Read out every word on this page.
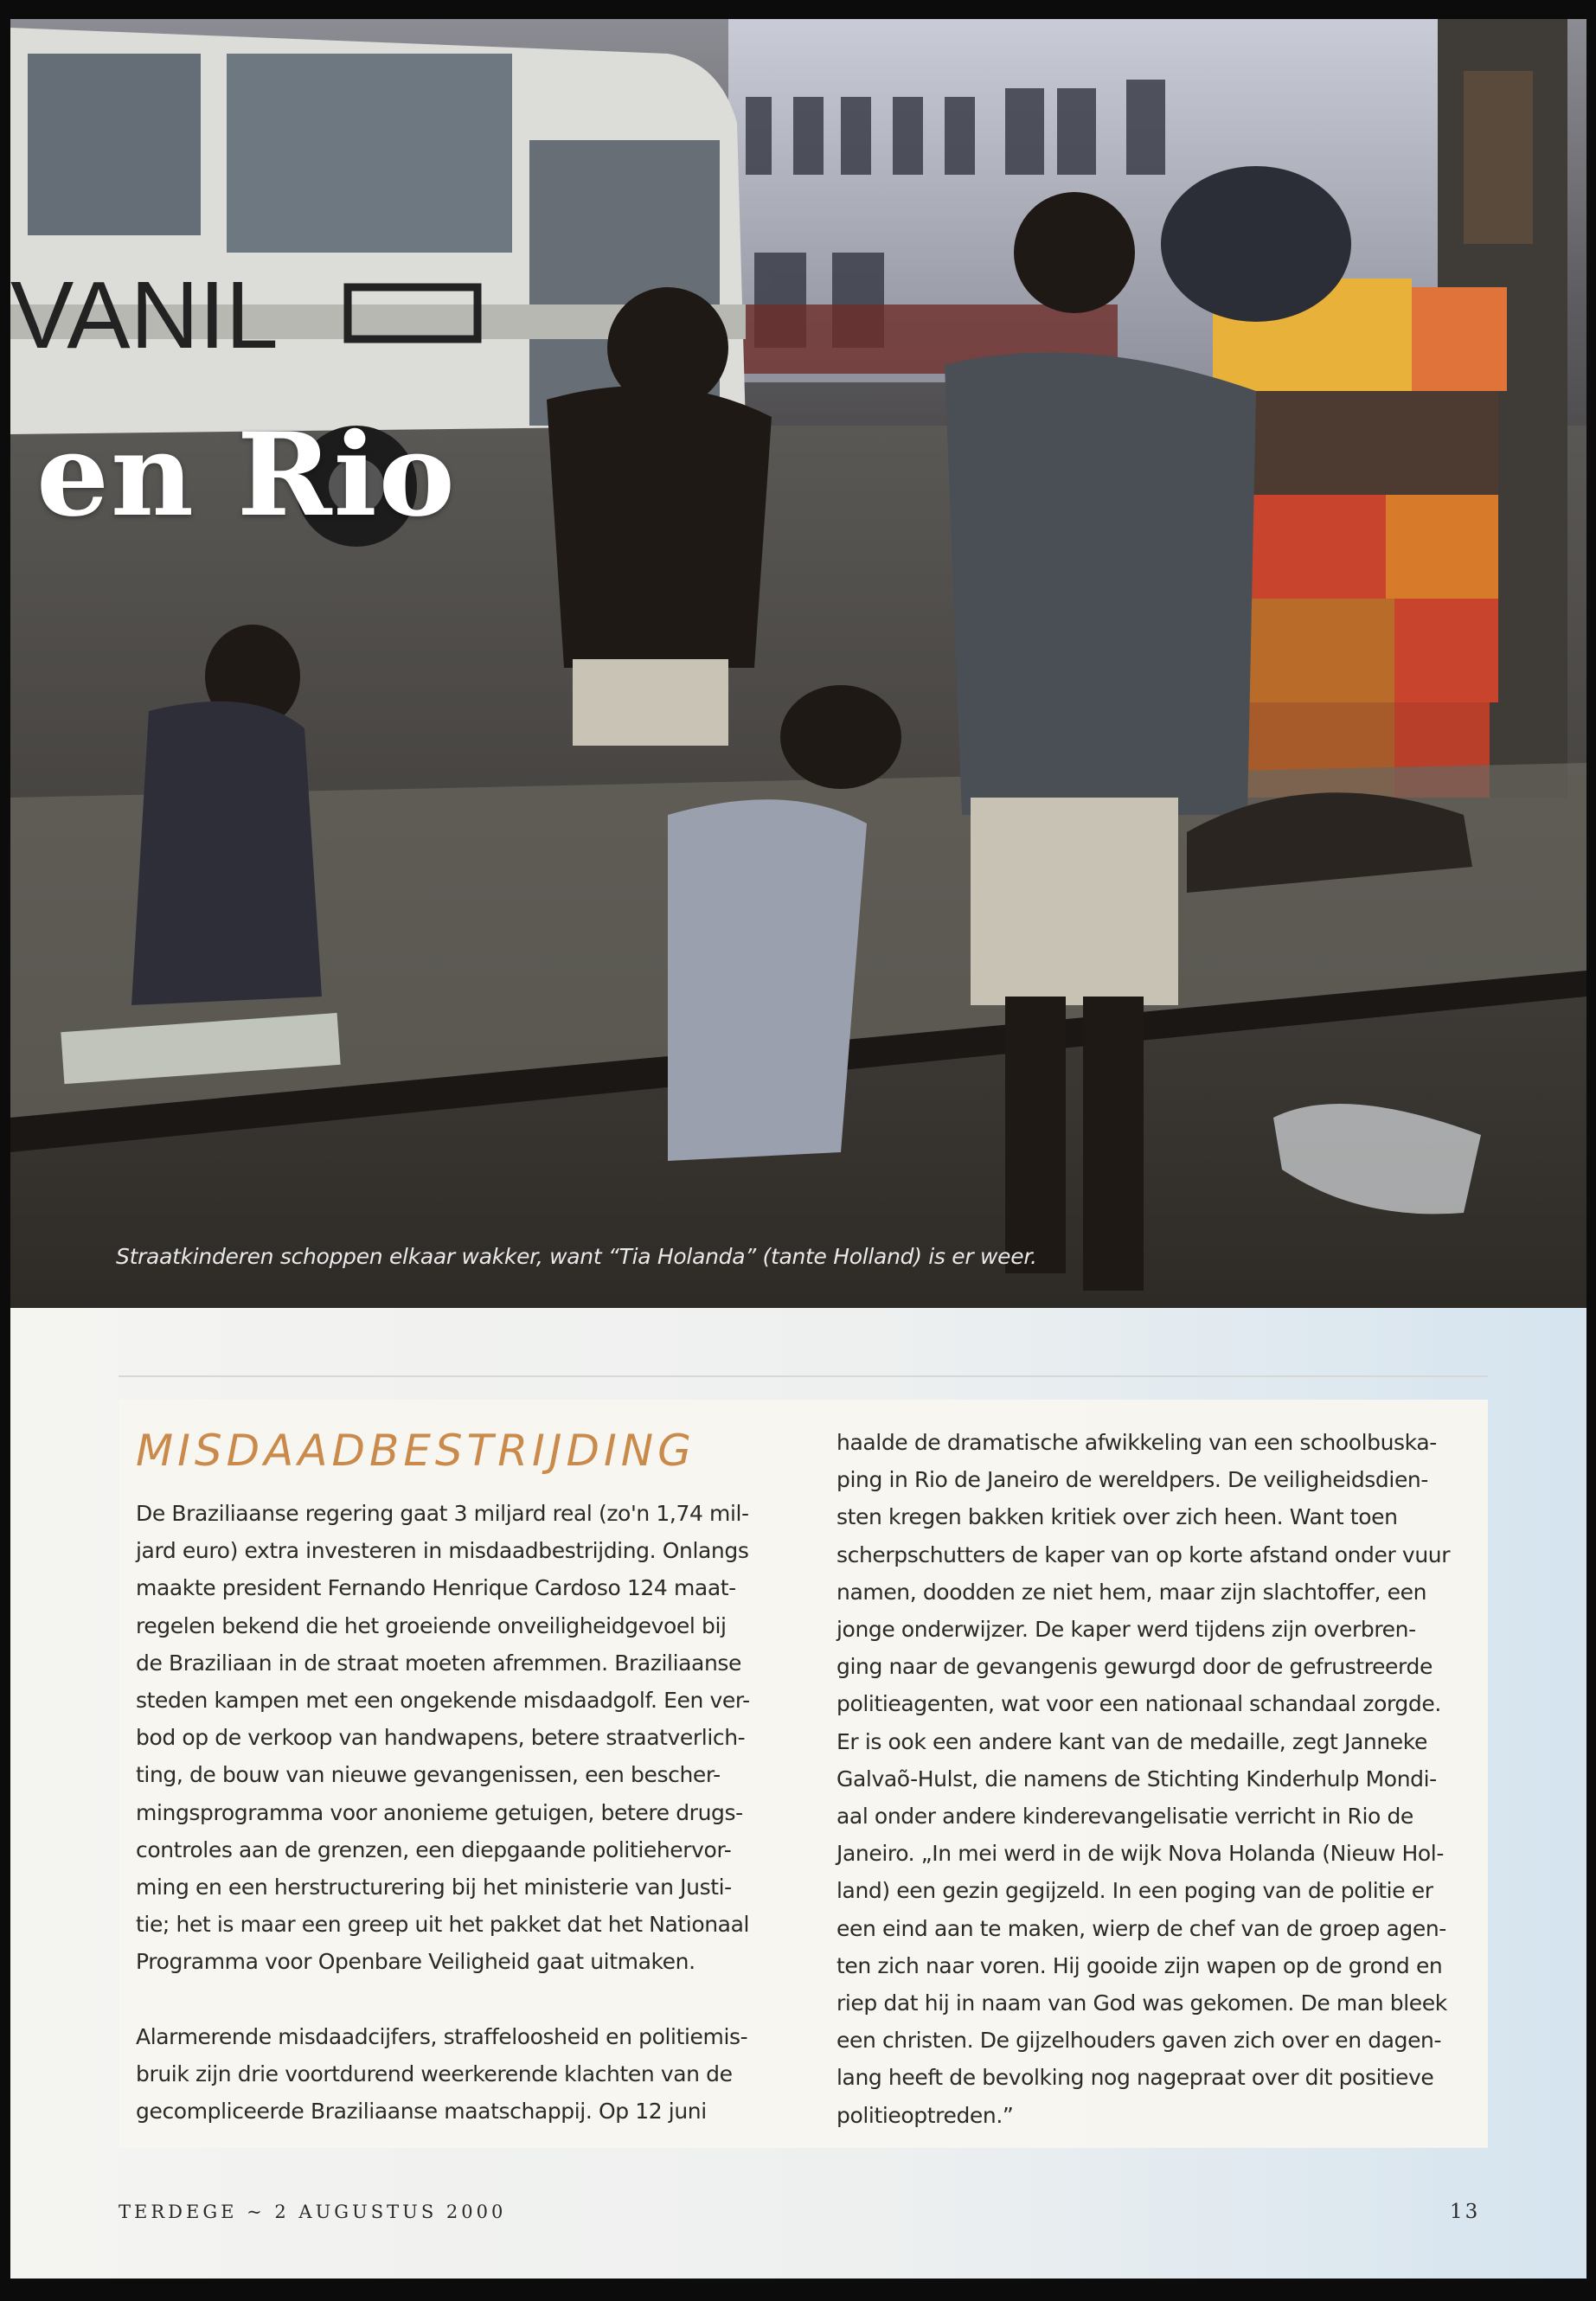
VANIL
en Rio
Straatkinderen schoppen elkaar wakker, want “Tia Holanda” (tante Holland) is er weer.
MISDAADBESTRIJDING

De Braziliaanse regering gaat 3 miljard real (zo'n 1,74 mil-

jard euro) extra investeren in misdaadbestrijding. Onlangs

maakte president Fernando Henrique Cardoso 124 maat-

regelen bekend die het groeiende onveiligheidgevoel bij

de Braziliaan in de straat moeten afremmen. Braziliaanse

steden kampen met een ongekende misdaadgolf. Een ver-

bod op de verkoop van handwapens, betere straatverlich-

ting, de bouw van nieuwe gevangenissen, een bescher-

mingsprogramma voor anonieme getuigen, betere drugs-

controles aan de grenzen, een diepgaande politiehervor-

ming en een herstructurering bij het ministerie van Justi-

tie; het is maar een greep uit het pakket dat het Nationaal

Programma voor Openbare Veiligheid gaat uitmaken.

Alarmerende misdaadcijfers, straffeloosheid en politiemis-

bruik zijn drie voortdurend weerkerende klachten van de

gecompliceerde Braziliaanse maatschappij. Op 12 juni

haalde de dramatische afwikkeling van een schoolbuska-

ping in Rio de Janeiro de wereldpers. De veiligheidsdien-

sten kregen bakken kritiek over zich heen. Want toen

scherpschutters de kaper van op korte afstand onder vuur

namen, doodden ze niet hem, maar zijn slachtoffer, een

jonge onderwijzer. De kaper werd tijdens zijn overbren-

ging naar de gevangenis gewurgd door de gefrustreerde

politieagenten, wat voor een nationaal schandaal zorgde.

Er is ook een andere kant van de medaille, zegt Janneke

Galvaõ-Hulst, die namens de Stichting Kinderhulp Mondi-

aal onder andere kinderevangelisatie verricht in Rio de

Janeiro. „In mei werd in de wijk Nova Holanda (Nieuw Hol-

land) een gezin gegijzeld. In een poging van de politie er

een eind aan te maken, wierp de chef van de groep agen-

ten zich naar voren. Hij gooide zijn wapen op de grond en

riep dat hij in naam van God was gekomen. De man bleek

een christen. De gijzelhouders gaven zich over en dagen-

lang heeft de bevolking nog nagepraat over dit positieve

politieoptreden.”

TERDEGE ~ 2 AUGUSTUS 2000	13
